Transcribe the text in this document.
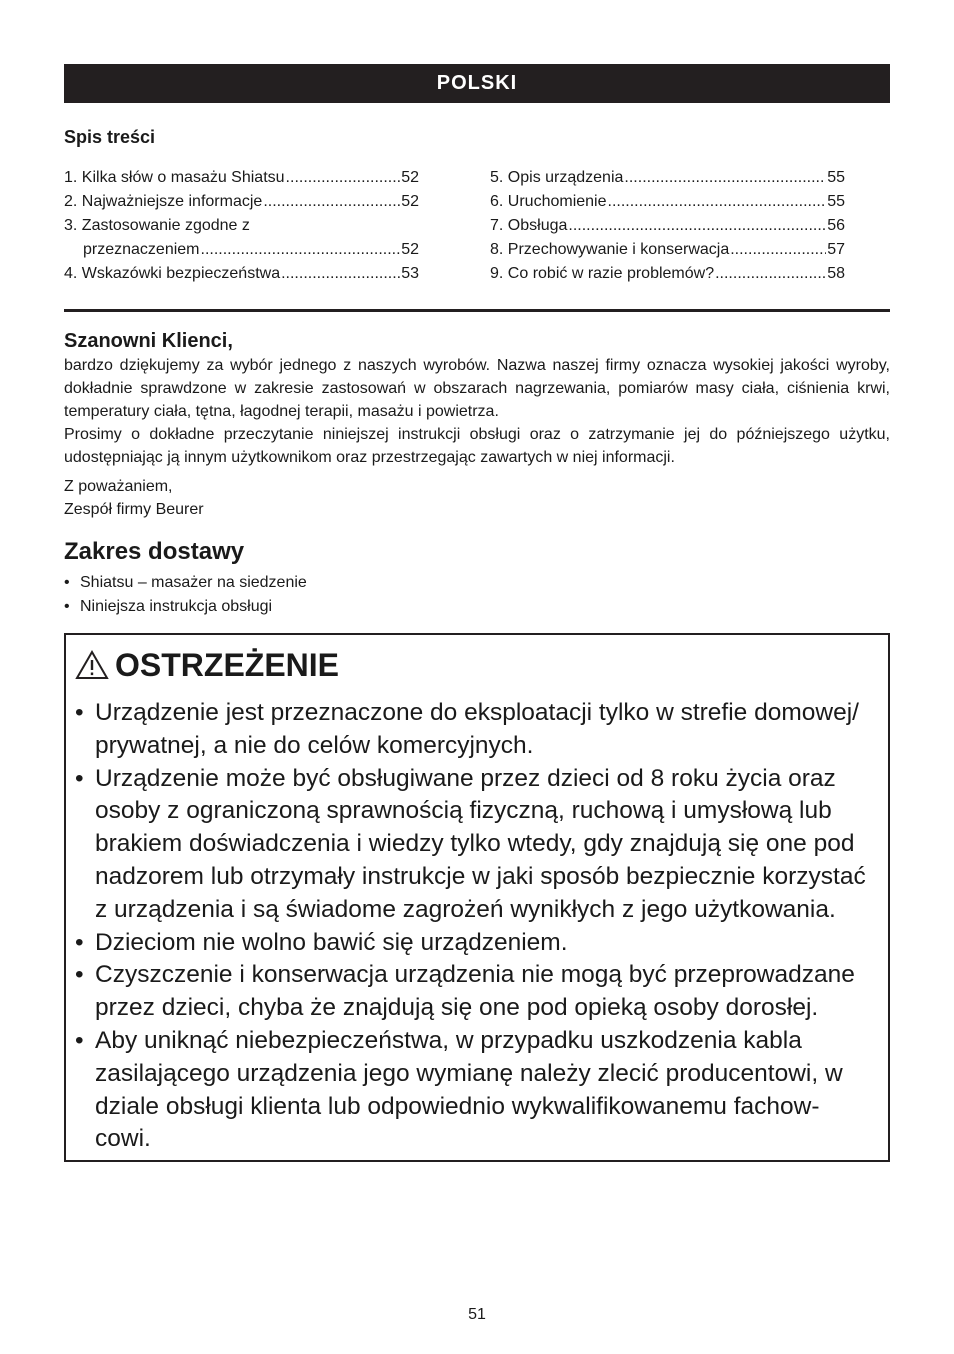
POLSKI
Spis treści
1. Kilka słów o masażu Shiatsu .....	52
2. Najważniejsze informacje .....	52
3. Zastosowanie zgodne z
przeznaczeniem .....	52
4. Wskazówki bezpieczeństwa .....	53
5. Opis urządzenia .....	55
6. Uruchomienie .....	55
7. Obsługa .....	56
8. Przechowywanie i konserwacja .....	57
9. Co robić w razie problemów? .....	58
Szanowni Klienci,

bardzo dziękujemy za wybór jednego z naszych wyrobów. Nazwa naszej firmy oznacza wysokiej jakości wyroby, dokładnie sprawdzone w zakresie zastosowań w obszarach nagrzewania, pomiarów masy ciała, ciśnienia krwi, temperatury ciała, tętna, łagodnej terapii, masażu i powietrza.

Prosimy o dokładne przeczytanie niniejszej instrukcji obsługi oraz o zatrzymanie jej do późniejszego użytku, udostępniając ją innym użytkownikom oraz przestrzegając zawartych w niej informacji.

Z poważaniem,
Zespół firmy Beurer
Zakres dostawy
• Shiatsu – masażer na siedzenie
• Niniejsza instrukcja obsługi
OSTRZEŻENIE
• Urządzenie jest przeznaczone do eksploatacji tylko w strefie domowej/ prywatnej, a nie do celów komercyjnych.
• Urządzenie może być obsługiwane przez dzieci od 8 roku życia oraz osoby z ograniczoną sprawnością fizyczną, ruchową i umysłową lub brakiem doświadczenia i wiedzy tylko wtedy, gdy znajdują się one pod nadzorem lub otrzymały instrukcje w jaki sposób bezpiecznie korzystać z urządzenia i są świadome zagrożeń wynikłych z jego użytkowania.
• Dzieciom nie wolno bawić się urządzeniem.
• Czyszczenie i konserwacja urządzenia nie mogą być przeprowadzane przez dzieci, chyba że znajdują się one pod opieką osoby dorosłej.
• Aby uniknąć niebezpieczeństwa, w przypadku uszkodzenia kabla zasilającego urządzenia jego wymianę należy zlecić producentowi, w dziale obsługi klienta lub odpowiednio wykwalifikowanemu fachow-cowi.
51
